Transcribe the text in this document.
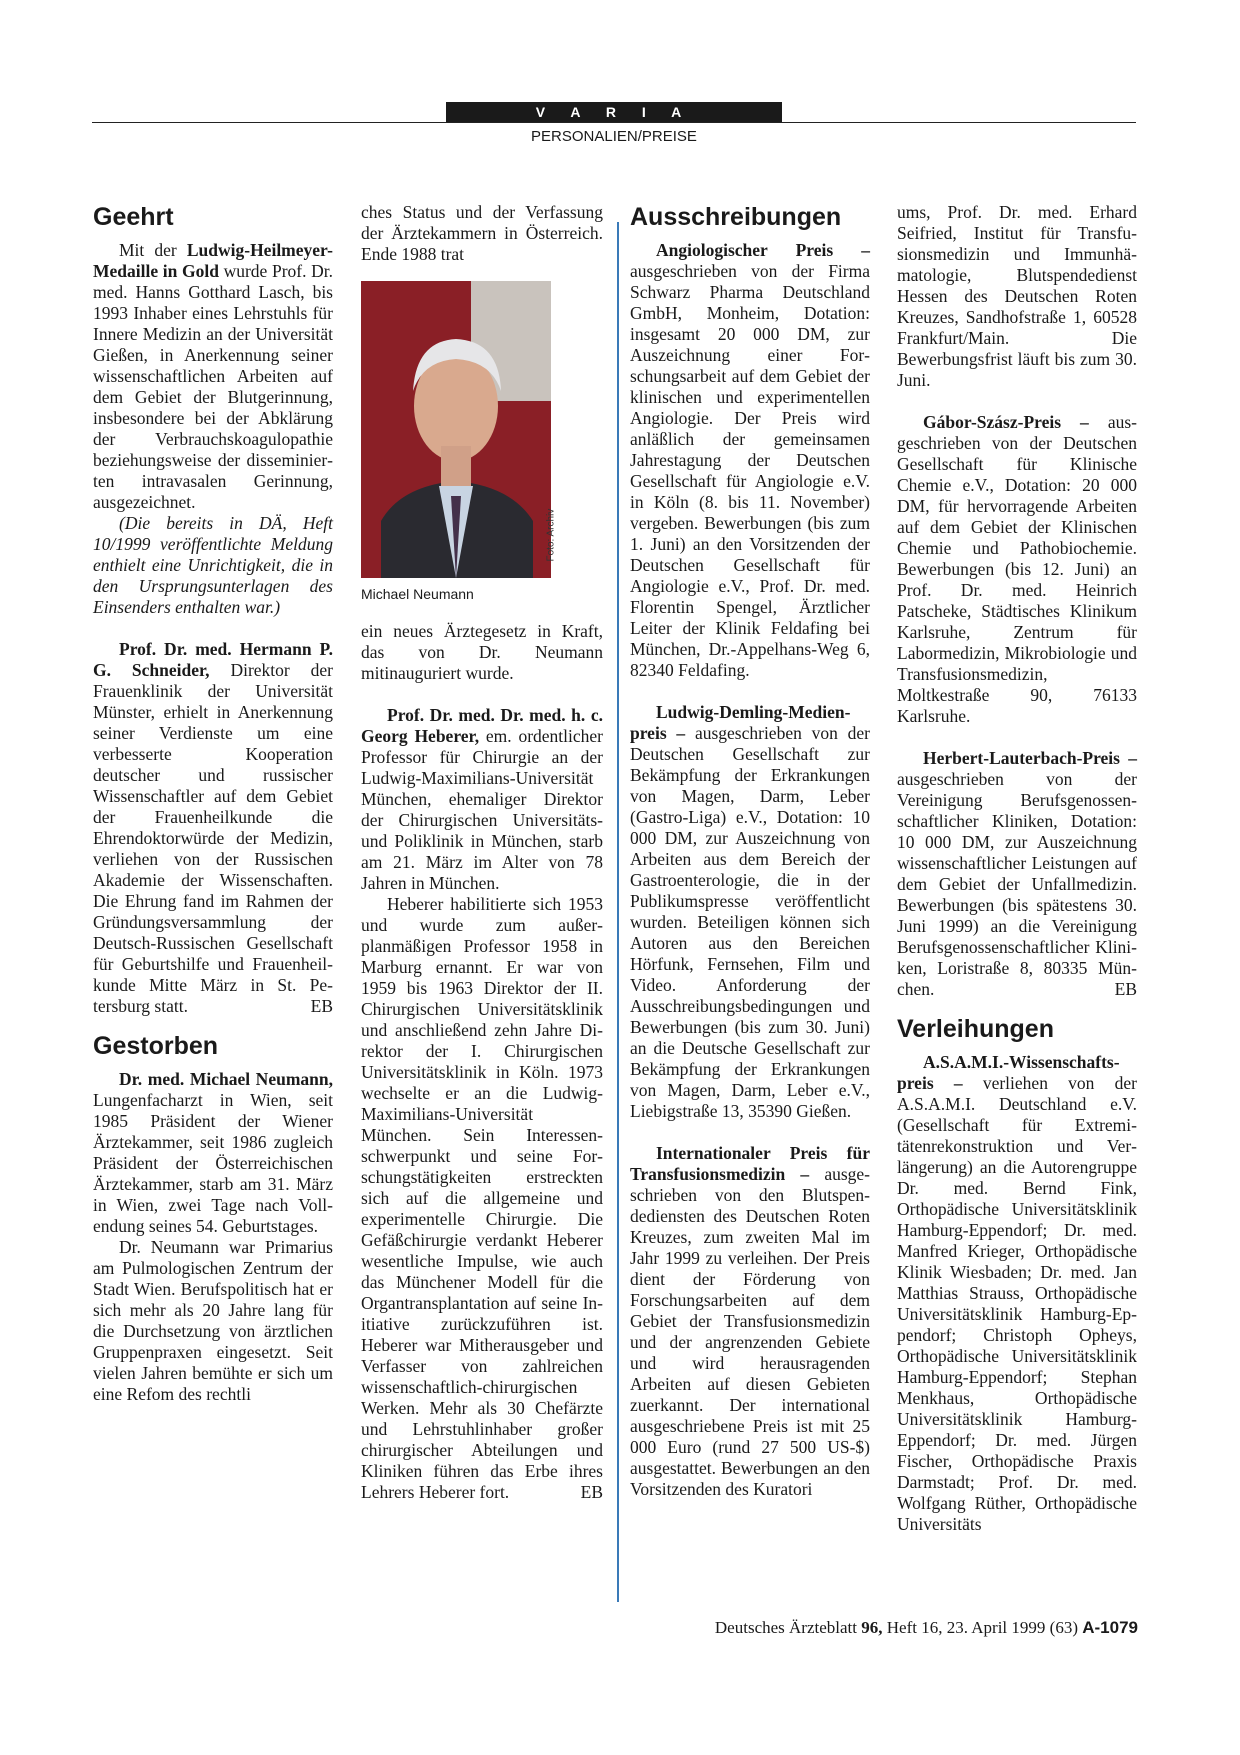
V A R I A
PERSONALIEN/PREISE
Geehrt

Mit der Ludwig-Heilmeyer-Medaille in Gold wurde Prof. Dr. med. Hanns Gotthard Lasch, bis 1993 Inhaber eines Lehrstuhls für Innere Medizin an der Universität Gießen, in Anerkennung seiner wissenschaftlichen Arbeiten auf dem Gebiet der Blutgerinnung, insbesondere bei der Abklärung der Verbrauchskoagulopathie beziehungsweise der disseminierten intravasalen Gerinnung, ausgezeichnet.

(Die bereits in DÄ, Heft 10/1999 veröffentlichte Meldung enthielt eine Unrichtigkeit, die in den Ursprungsunterlagen des Einsenders enthalten war.)

Prof. Dr. med. Hermann P. G. Schneider, Direktor der Frauenklinik der Universität Münster, erhielt in Anerkennung seiner Verdienste um eine verbesserte Kooperation deutscher und russischer Wissenschaftler auf dem Gebiet der Frauenheilkunde die Ehrendoktorwürde der Medizin, verliehen von der Russischen Akademie der Wissenschaften. Die Ehrung fand im Rahmen der Gründungsversammlung der Deutsch-Russischen Gesellschaft für Geburtshilfe und Frauenheilkunde Mitte März in St. Petersburg statt.	EB

Gestorben

Dr. med. Michael Neumann, Lungenfacharzt in Wien, seit 1985 Präsident der Wiener Ärztekammer, seit 1986 zugleich Präsident der Österreichischen Ärztekammer, starb am 31. März in Wien, zwei Tage nach Vollendung seines 54. Geburtstages.

Dr. Neumann war Primarius am Pulmologischen Zentrum der Stadt Wien. Berufspolitisch hat er sich mehr als 20 Jahre lang für die Durchsetzung von ärztlichen Gruppenpraxen eingesetzt. Seit vielen Jahren bemühte er sich um eine Refom des rechtli

ches Status und der Verfassung der Ärztekammern in Österreich. Ende 1988 trat

Foto: Archiv
Michael Neumann

ein neues Ärztegesetz in Kraft, das von Dr. Neumann mitinauguriert wurde.

Prof. Dr. med. Dr. med. h. c. Georg Heberer, em. ordentlicher Professor für Chirurgie an der Ludwig-Maximilians-Universität München, ehemaliger Direktor der Chirurgischen Universitäts- und Poliklinik in München, starb am 21. März im Alter von 78 Jahren in München.

Heberer habilitierte sich 1953 und wurde zum außerplanmäßigen Professor 1958 in Marburg ernannt. Er war von 1959 bis 1963 Direktor der II. Chirurgischen Universitätsklinik und anschließend zehn Jahre Direktor der I. Chirurgischen Universitätsklinik in Köln. 1973 wechselte er an die Ludwig-Maximilians-Universität München. Sein Interessenschwerpunkt und seine Forschungstätigkeiten erstreckten sich auf die allgemeine und experimentelle Chirurgie. Die Gefäßchirurgie verdankt Heberer wesentliche Impulse, wie auch das Münchener Modell für die Organtransplantation auf seine Initiative zurückzuführen ist. Heberer war Mitherausgeber und Verfasser von zahlreichen wissenschaftlich-chirurgischen Werken. Mehr als 30 Chefärzte und Lehrstuhlinhaber großer chirurgischer Abteilungen und Kliniken führen das Erbe ihres Lehrers Heberer fort.	EB

Ausschreibungen

Angiologischer Preis – ausgeschrieben von der Firma Schwarz Pharma Deutschland GmbH, Monheim, Dotation: insgesamt 20 000 DM, zur Auszeichnung einer Forschungsarbeit auf dem Gebiet der klinischen und experimentellen Angiologie. Der Preis wird anläßlich der gemeinsamen Jahrestagung der Deutschen Gesellschaft für Angiologie e.V. in Köln (8. bis 11. November) vergeben. Bewerbungen (bis zum 1. Juni) an den Vorsitzenden der Deutschen Gesellschaft für Angiologie e.V., Prof. Dr. med. Florentin Spengel, Ärztlicher Leiter der Klinik Feldafing bei München, Dr.-Appelhans-Weg 6, 82340 Feldafing.

Ludwig-Demling-Medienpreis – ausgeschrieben von der Deutschen Gesellschaft zur Bekämpfung der Erkrankungen von Magen, Darm, Leber (Gastro-Liga) e.V., Dotation: 10 000 DM, zur Auszeichnung von Arbeiten aus dem Bereich der Gastroenterologie, die in der Publikumspresse veröffentlicht wurden. Beteiligen können sich Autoren aus den Bereichen Hörfunk, Fernsehen, Film und Video. Anforderung der Ausschreibungsbedingungen und Bewerbungen (bis zum 30. Juni) an die Deutsche Gesellschaft zur Bekämpfung der Erkrankungen von Magen, Darm, Leber e.V., Liebigstraße 13, 35390 Gießen.

Internationaler Preis für Transfusionsmedizin – ausgeschrieben von den Blutspendediensten des Deutschen Roten Kreuzes, zum zweiten Mal im Jahr 1999 zu verleihen. Der Preis dient der Förderung von Forschungsarbeiten auf dem Gebiet der Transfusionsmedizin und der angrenzenden Gebiete und wird herausragenden Arbeiten auf diesen Gebieten zuerkannt. Der international ausgeschriebene Preis ist mit 25 000 Euro (rund 27 500 US-$) ausgestattet. Bewerbungen an den Vorsitzenden des Kuratori

ums, Prof. Dr. med. Erhard Seifried, Institut für Transfusionsmedizin und Immunhämatologie, Blutspendedienst Hessen des Deutschen Roten Kreuzes, Sandhofstraße 1, 60528 Frankfurt/Main. Die Bewerbungsfrist läuft bis zum 30. Juni.

Gábor-Szász-Preis – ausgeschrieben von der Deutschen Gesellschaft für Klinische Chemie e.V., Dotation: 20 000 DM, für hervorragende Arbeiten auf dem Gebiet der Klinischen Chemie und Pathobiochemie. Bewerbungen (bis 12. Juni) an Prof. Dr. med. Heinrich Patscheke, Städtisches Klinikum Karlsruhe, Zentrum für Labormedizin, Mikrobiologie und Transfusionsmedizin, Moltkestraße 90, 76133 Karlsruhe.

Herbert-Lauterbach-Preis – ausgeschrieben von der Vereinigung Berufsgenossenschaftlicher Kliniken, Dotation: 10 000 DM, zur Auszeichnung wissenschaftlicher Leistungen auf dem Gebiet der Unfallmedizin. Bewerbungen (bis spätestens 30. Juni 1999) an die Vereinigung Berufsgenossenschaftlicher Kliniken, Loristraße 8, 80335 München.	EB

Verleihungen

A.S.A.M.I.-Wissenschaftspreis – verliehen von der A.S.A.M.I. Deutschland e.V. (Gesellschaft für Extremitätenrekonstruktion und Verlängerung) an die Autorengruppe Dr. med. Bernd Fink, Orthopädische Universitätsklinik Hamburg-Eppendorf; Dr. med. Manfred Krieger, Orthopädische Klinik Wiesbaden; Dr. med. Jan Matthias Strauss, Orthopädische Universitätsklinik Hamburg-Eppendorf; Christoph Opheys, Orthopädische Universitätsklinik Hamburg-Eppendorf; Stephan Menkhaus, Orthopädische Universitätsklinik Hamburg-Eppendorf; Dr. med. Jürgen Fischer, Orthopädische Praxis Darmstadt; Prof. Dr. med. Wolfgang Rüther, Orthopädische Universitäts

Deutsches Ärzteblatt 96, Heft 16, 23. April 1999 (63) A-1079
